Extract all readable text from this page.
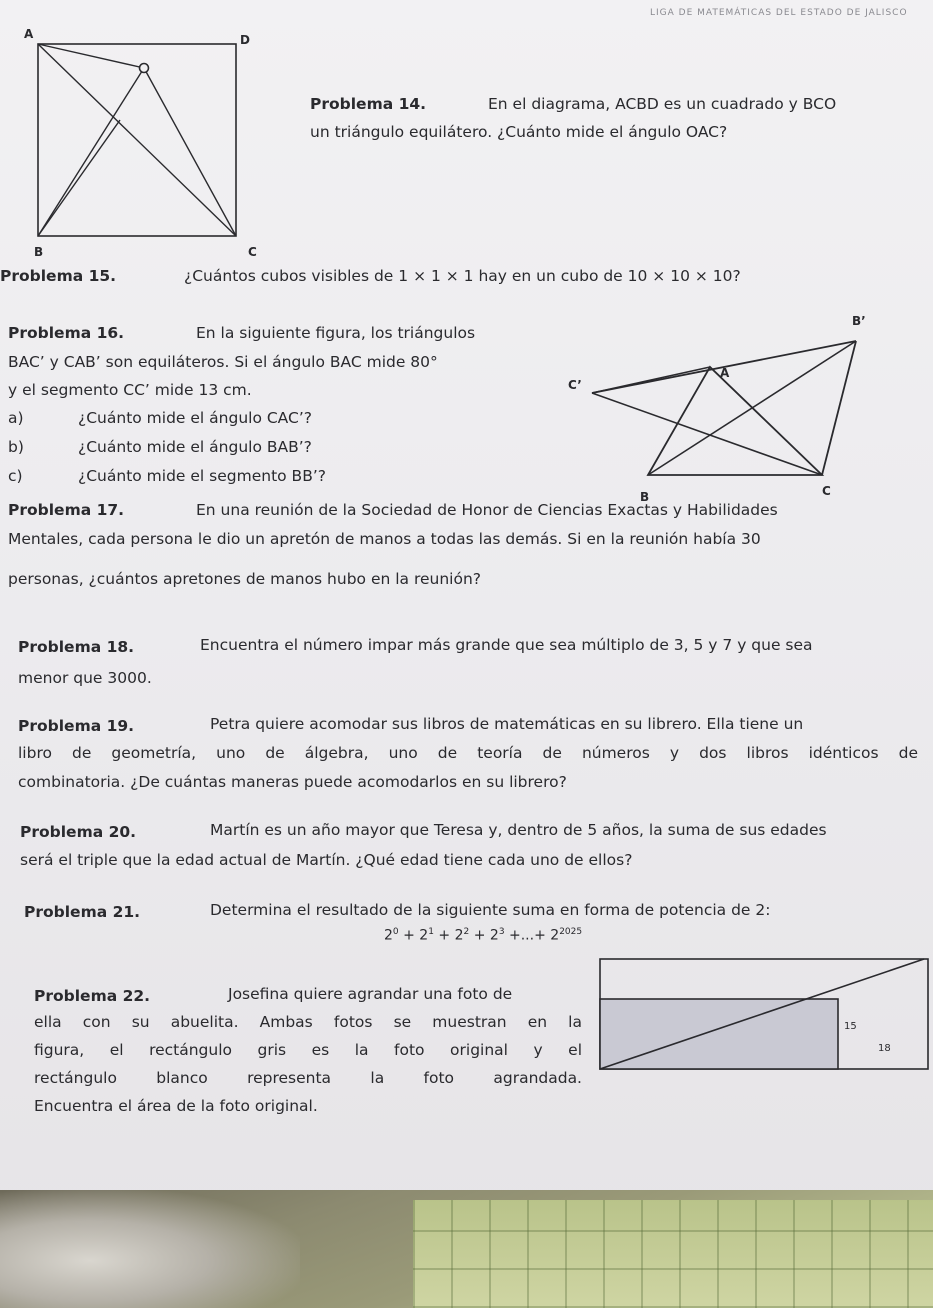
LIGA DE MATEMÁTICAS DEL ESTADO DE JALISCO
A	D
B	C
Problema 14.	En el diagrama, ACBD es un cuadrado y BCO
un triángulo equilátero. ¿Cuánto mide el ángulo OAC?
Problema 15.	¿Cuántos cubos visibles de 1 × 1 × 1 hay en un cubo de 10 × 10 × 10?
Problema 16.	En la siguiente figura, los triángulos
BAC’ y CAB’ son equiláteros. Si el ángulo BAC mide 80°
y el segmento CC’ mide 13 cm.
a)	¿Cuánto mide el ángulo CAC’?
b)	¿Cuánto mide el ángulo BAB’?
c)	¿Cuánto mide el segmento BB’?
B’
C’
A
B	C
Problema 17.	En una reunión de la Sociedad de Honor de Ciencias Exactas y Habilidades
Mentales, cada persona le dio un apretón de manos a todas las demás. Si en la reunión había 30
personas, ¿cuántos apretones de manos hubo en la reunión?
Problema 18.	Encuentra el número impar más grande que sea múltiplo de 3, 5 y 7 y que sea
menor que 3000.
Problema 19.	Petra quiere acomodar sus libros de matemáticas en su librero. Ella tiene un
libro de geometría, uno de álgebra, uno de teoría de números y dos libros idénticos de
combinatoria. ¿De cuántas maneras puede acomodarlos en su librero?
Problema 20.	Martín es un año mayor que Teresa y, dentro de 5 años, la suma de sus edades
será el triple que la edad actual de Martín. ¿Qué edad tiene cada uno de ellos?
Problema 21.	Determina el resultado de la siguiente suma en forma de potencia de 2:
$2^0 + 2^1 + 2^2 + 2^3$ +...+ $2^{2025}$
Problema 22.	Josefina quiere agrandar una foto de
ella con su abuelita. Ambas fotos se muestran en la
figura, el rectángulo gris es la foto original y el
rectángulo blanco representa la foto agrandada.
Encuentra el área de la foto original.
15
18
